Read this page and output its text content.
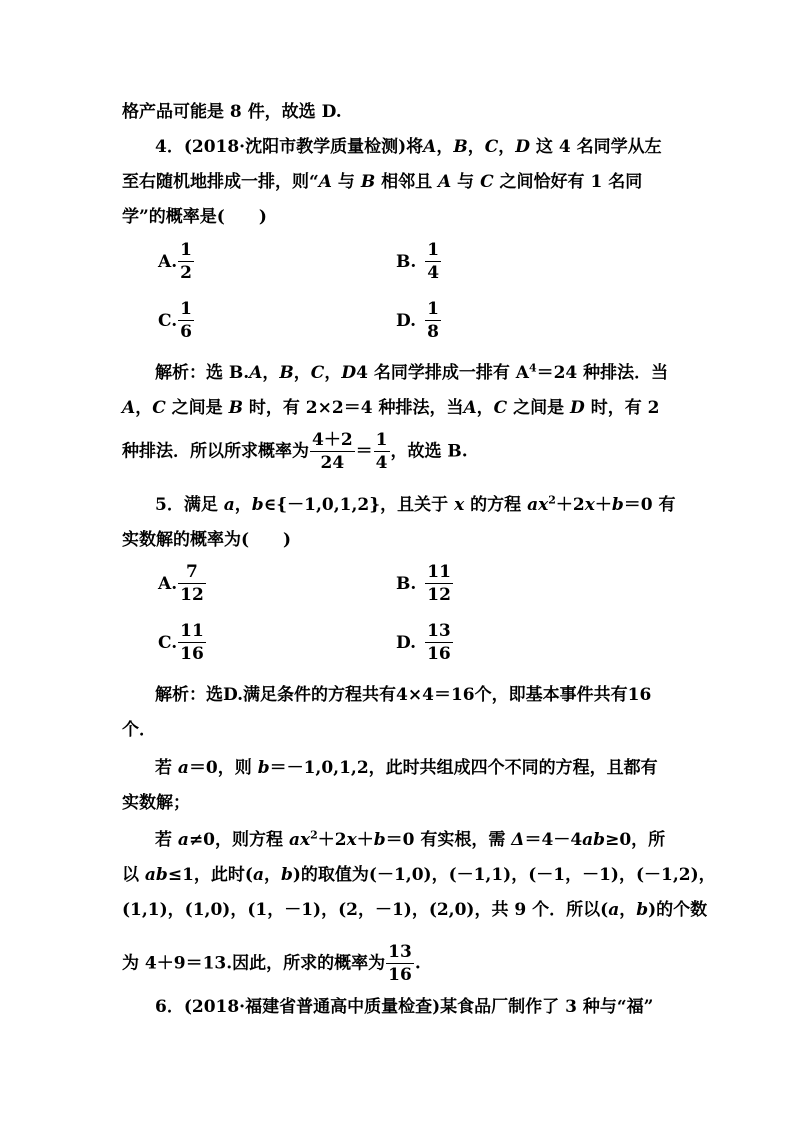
格产品可能是 8 件，故选 D.
4．(2018·沈阳市教学质量检测)将A，B，C，D 这 4 名同学从左
至右随机地排成一排，则“A 与 B 相邻且 A 与 C 之间恰好有 1 名同
学”的概率是(　　)
A. $\frac{1}{2}$	B. $\frac{1}{4}$
C. $\frac{1}{6}$	D. $\frac{1}{8}$
解析：选 B.A，B，C，D4 名同学排成一排有 $A^4=24$ 种排法．当
A，C 之间是 B 时，有 2×2＝4 种排法，当A，C 之间是 D 时，有 2
种排法．所以所求概率为 $\frac{4+2}{24} = \frac{1}{4}$ ，故选 B.
5．满足 a，b∈{－1,0,1,2}，且关于 x 的方程 $ax^2+2x+b=0$ 有
实数解的概率为(　　)
A. $\frac{7}{12}$	B. $\frac{11}{12}$
C. $\frac{11}{16}$	D. $\frac{13}{16}$
解析：选D.满足条件的方程共有4×4＝16个，即基本事件共有16
个．
若 a＝0，则 b＝－1,0,1,2，此时共组成四个不同的方程，且都有
实数解；
若 a≠0，则方程 $ax^2+2x+b=0$ 有实根，需 Δ＝4－4ab≥0，所
以 ab≤1，此时(a，b)的取值为(－1,0)，(－1,1)，(－1，－1)，(－1,2)，
(1,1)，(1,0)，(1，－1)，(2，－1)，(2,0)，共 9 个．所以(a，b)的个数
为 4＋9＝13.因此，所求的概率为 $\frac{13}{16}$ .
6．(2018·福建省普通高中质量检查)某食品厂制作了 3 种与“福”
